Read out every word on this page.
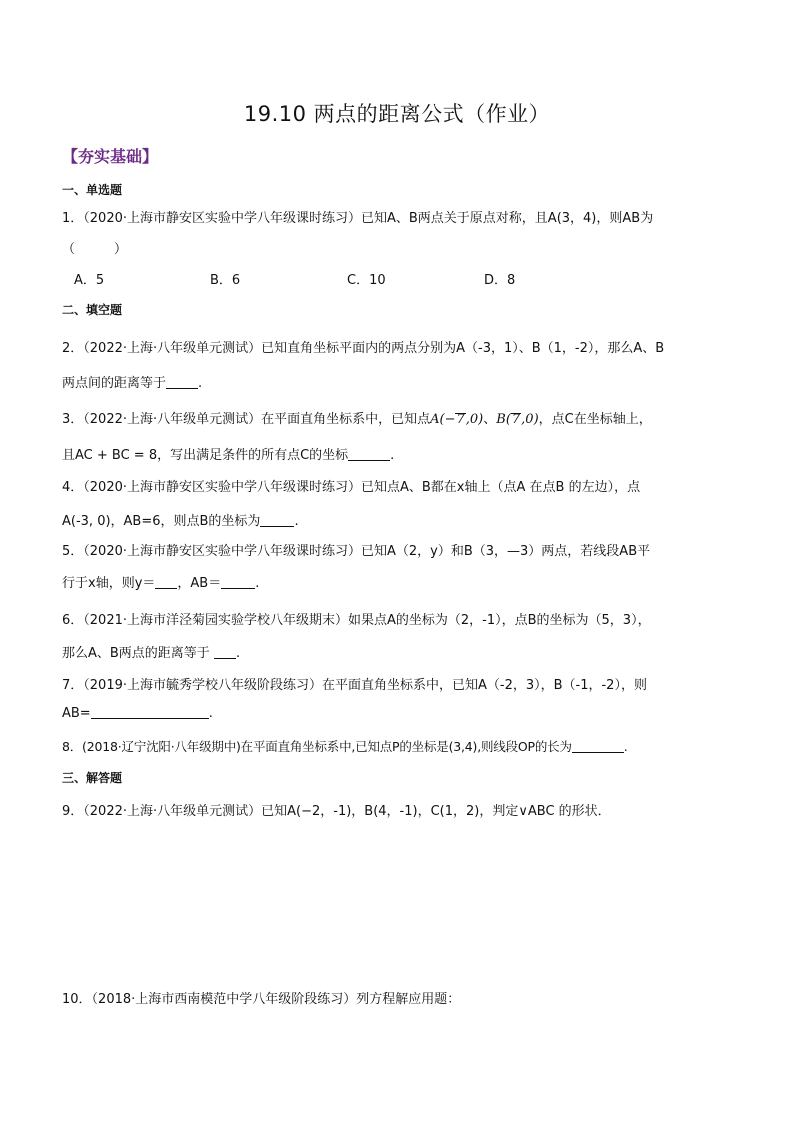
19.10 两点的距离公式（作业）
【夯实基础】
一、单选题
1．（2020·上海市静安区实验中学八年级课时练习）已知A、B两点关于原点对称，且A(3，4)，则AB为
（　　　）
A．5	B．6	C．10	D．8
二、填空题
2．（2022·上海·八年级单元测试）已知直角坐标平面内的两点分别为A（-3，1）、B（1，-2），那么A、B
两点间的距离等于 .
3．（2022·上海·八年级单元测试）在平面直角坐标系中，已知点A(−7,0)、B(7,0)，点C在坐标轴上，
且AC + BC = 8，写出满足条件的所有点C的坐标	.
4．（2020·上海市静安区实验中学八年级课时练习）已知点A、B都在x轴上（点A 在点B 的左边），点
A(-3, 0)，AB=6，则点B的坐标为	.
5．（2020·上海市静安区实验中学八年级课时练习）已知A（2，y）和B（3，—3）两点，若线段AB平
行于x轴，则y＝ ，AB＝	.
6．（2021·上海市洋泾菊园实验学校八年级期末）如果点A的坐标为（2，-1），点B的坐标为（5，3），
那么A、B两点的距离等于 .
7．（2019·上海市毓秀学校八年级阶段练习）在平面直角坐标系中，已知A（-2，3），B（-1，-2），则
AB=	.
8．(2018·辽宁沈阳·八年级期中)在平面直角坐标系中,已知点P的坐标是(3,4),则线段OP的长为	.
三、解答题
9．（2022·上海·八年级单元测试）已知A(−2，-1)，B(4，-1)，C(1，2)，判定∨ABC 的形状．
10．（2018·上海市西南模范中学八年级阶段练习）列方程解应用题：
